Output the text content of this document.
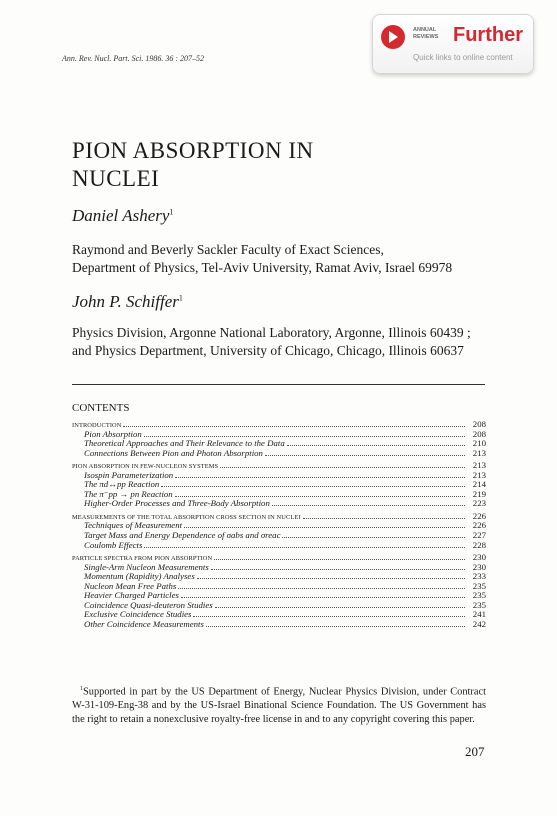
Ann. Rev. Nucl. Part. Sci. 1986. 36 : 207–52
ANNUAL
REVIEWS Further
Quick links to online content
PION ABSORPTION IN
NUCLEI
Daniel Ashery$^1$
Raymond and Beverly Sackler Faculty of Exact Sciences,
Department of Physics, Tel-Aviv University, Ramat Aviv, Israel 69978
John P. Schiffer$^1$
Physics Division, Argonne National Laboratory, Argonne, Illinois 60439 ;
and Physics Department, University of Chicago, Chicago, Illinois 60637
CONTENTS
INTRODUCTION	208
Pion Absorption	208
Theoretical Approaches and Their Relevance to the Data	210
Connections Between Pion and Photon Absorption	213
PION ABSORPTION IN FEW-NUCLEON SYSTEMS	213
Isospin Parameterization	213
The πd↔pp Reaction	214
The π⁻pp → pn Reaction	219
Higher-Order Processes and Three-Body Absorption	223
MEASUREMENTS OF THE TOTAL ABSORPTION CROSS SECTION IN NUCLEI	226
Techniques of Measurement	226
Target Mass and Energy Dependence of σabs and σreac	227
Coulomb Effects	228
PARTICLE SPECTRA FROM PION ABSORPTION	230
Single-Arm Nucleon Measurements	230
Momentum (Rapidity) Analyses	233
Nucleon Mean Free Paths	235
Heavier Charged Particles	235
Coincidence Quasi-deuteron Studies	235
Exclusive Coincidence Studies	241
Other Coincidence Measurements	242
$^1$Supported in part by the US Department of Energy, Nuclear Physics Division, under Contract W-31-109-Eng-38 and by the US-Israel Binational Science Foundation. The US Government has the right to retain a nonexclusive royalty-free license in and to any copyright covering this paper.
207
